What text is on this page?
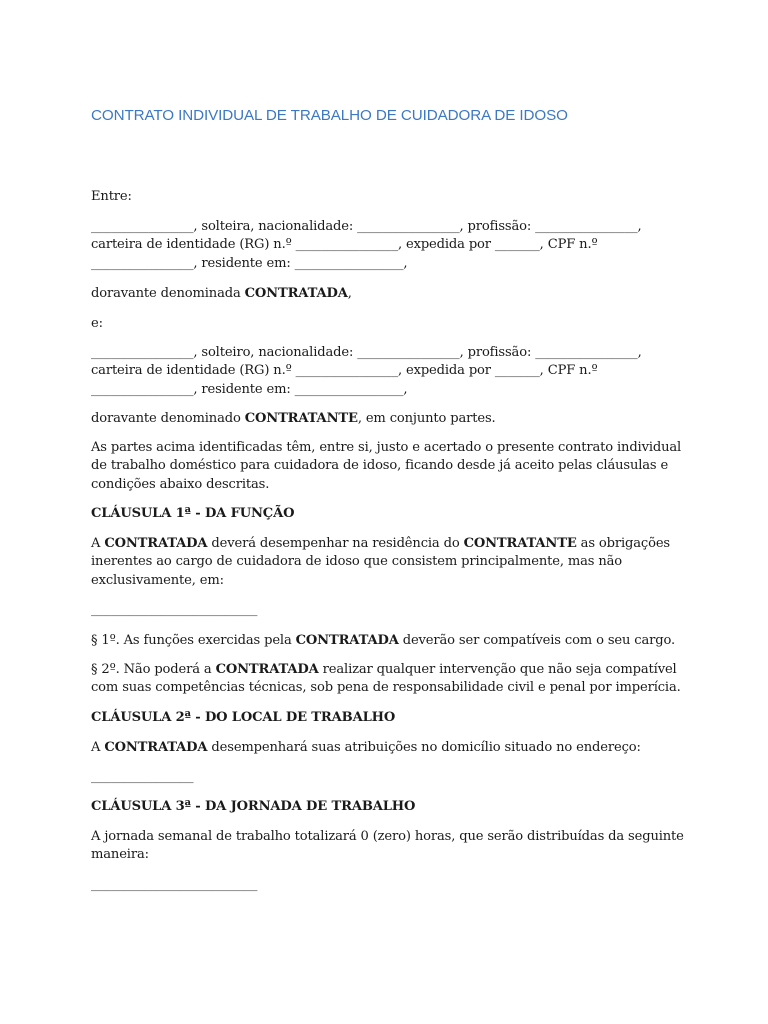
CONTRATO INDIVIDUAL DE TRABALHO DE CUIDADORA DE IDOSO

Entre:

________________, solteira, nacionalidade: ________________, profissão: ________________,
carteira de identidade (RG) n.º ________________, expedida por _______, CPF n.º
________________, residente em: _________________,

doravante denominada CONTRATADA,

e:

________________, solteiro, nacionalidade: ________________, profissão: ________________,
carteira de identidade (RG) n.º ________________, expedida por _______, CPF n.º
________________, residente em: _________________,

doravante denominado CONTRATANTE, em conjunto partes.

As partes acima identificadas têm, entre si, justo e acertado o presente contrato individual
de trabalho doméstico para cuidadora de idoso, ficando desde já aceito pelas cláusulas e
condições abaixo descritas.

CLÁUSULA 1ª - DA FUNÇÃO

A CONTRATADA deverá desempenhar na residência do CONTRATANTE as obrigações
inerentes ao cargo de cuidadora de idoso que consistem principalmente, mas não
exclusivamente, em:

__________________________

§ 1º. As funções exercidas pela CONTRATADA deverão ser compatíveis com o seu cargo.

§ 2º. Não poderá a CONTRATADA realizar qualquer intervenção que não seja compatível
com suas competências técnicas, sob pena de responsabilidade civil e penal por imperícia.

CLÁUSULA 2ª - DO LOCAL DE TRABALHO

A CONTRATADA desempenhará suas atribuições no domicílio situado no endereço:

________________

CLÁUSULA 3ª - DA JORNADA DE TRABALHO

A jornada semanal de trabalho totalizará 0 (zero) horas, que serão distribuídas da seguinte
maneira:

__________________________
